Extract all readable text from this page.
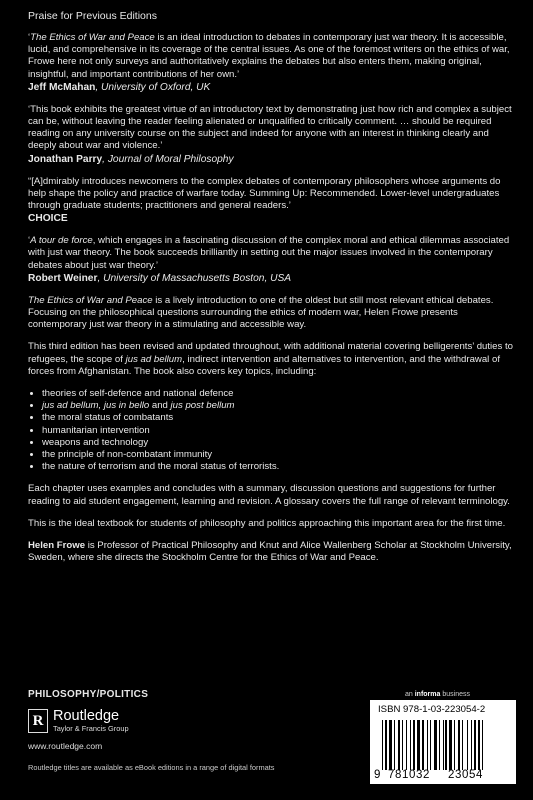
Praise for Previous Editions

‘The Ethics of War and Peace is an ideal introduction to debates in contemporary just war theory. It is accessible, lucid, and comprehensive in its coverage of the central issues. As one of the foremost writers on the ethics of war, Frowe here not only surveys and authoritatively explains the debates but also enters them, making original, insightful, and important contributions of her own.’

Jeff McMahan, University of Oxford, UK

‘This book exhibits the greatest virtue of an introductory text by demonstrating just how rich and complex a subject can be, without leaving the reader feeling alienated or unqualified to critically comment. … should be required reading on any university course on the subject and indeed for anyone with an interest in thinking clearly and deeply about war and violence.’

Jonathan Parry, Journal of Moral Philosophy

“[A]dmirably introduces newcomers to the complex debates of contemporary philosophers whose arguments do help shape the policy and practice of warfare today. Summing Up: Recommended. Lower-level undergraduates through graduate students; practitioners and general readers.’

CHOICE

‘A tour de force, which engages in a fascinating discussion of the complex moral and ethical dilemmas associated with just war theory. The book succeeds brilliantly in setting out the major issues involved in the contemporary debates about just war theory.’

Robert Weiner, University of Massachusetts Boston, USA

The Ethics of War and Peace is a lively introduction to one of the oldest but still most relevant ethical debates. Focusing on the philosophical questions surrounding the ethics of modern war, Helen Frowe presents contemporary just war theory in a stimulating and accessible way.

This third edition has been revised and updated throughout, with additional material covering belligerents’ duties to refugees, the scope of jus ad bellum, indirect intervention and alternatives to intervention, and the withdrawal of forces from Afghanistan. The book also covers key topics, including:

• theories of self-defence and national defence
• jus ad bellum, jus in bello and jus post bellum
• the moral status of combatants
• humanitarian intervention
• weapons and technology
• the principle of non-combatant immunity
• the nature of terrorism and the moral status of terrorists.

Each chapter uses examples and concludes with a summary, discussion questions and suggestions for further reading to aid student engagement, learning and revision. A glossary covers the full range of relevant terminology.

This is the ideal textbook for students of philosophy and politics approaching this important area for the first time.

Helen Frowe is Professor of Practical Philosophy and Knut and Alice Wallenberg Scholar at Stockholm University, Sweden, where she directs the Stockholm Centre for the Ethics of War and Peace.

PHILOSOPHY/POLITICS
R Routledge
Taylor & Francis Group
www.routledge.com
Routledge titles are available as eBook editions in a range of digital formats
an informa business
ISBN 978-1-03-223054-2
9 781032 23054
